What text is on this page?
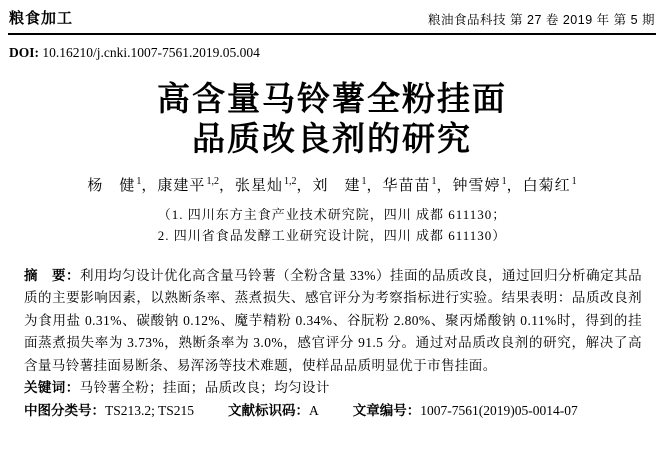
粮食加工	粮油食品科技 第 27 卷 2019 年 第 5 期
DOI: 10.16210/j.cnki.1007-7561.2019.05.004
高含量马铃薯全粉挂面
品质改良剂的研究
杨　健$^1$，康建平$^{1,2}$，张星灿$^{1,2}$，刘　建$^1$，华苗苗$^1$，钟雪婷$^1$，白菊红$^1$
（1. 四川东方主食产业技术研究院，四川 成都 611130；
2. 四川省食品发酵工业研究设计院，四川 成都 611130）
摘　要：利用均匀设计优化高含量马铃薯（全粉含量 33%）挂面的品质改良，通过回归分析确定其品质的主要影响因素，以熟断条率、蒸煮损失、感官评分为考察指标进行实验。结果表明：品质改良剂为食用盐 0.31%、碳酸钠 0.12%、魔芋精粉 0.34%、谷朊粉 2.80%、聚丙烯酸钠 0.11%时，得到的挂面蒸煮损失率为 3.73%，熟断条率为 3.0%，感官评分 91.5 分。通过对品质改良剂的研究，解决了高含量马铃薯挂面易断条、易浑汤等技术难题，使样品品质明显优于市售挂面。
关键词：马铃薯全粉；挂面；品质改良；均匀设计
中图分类号：TS213.2; TS215	文献标识码：A	文章编号：1007-7561(2019)05-0014-07
